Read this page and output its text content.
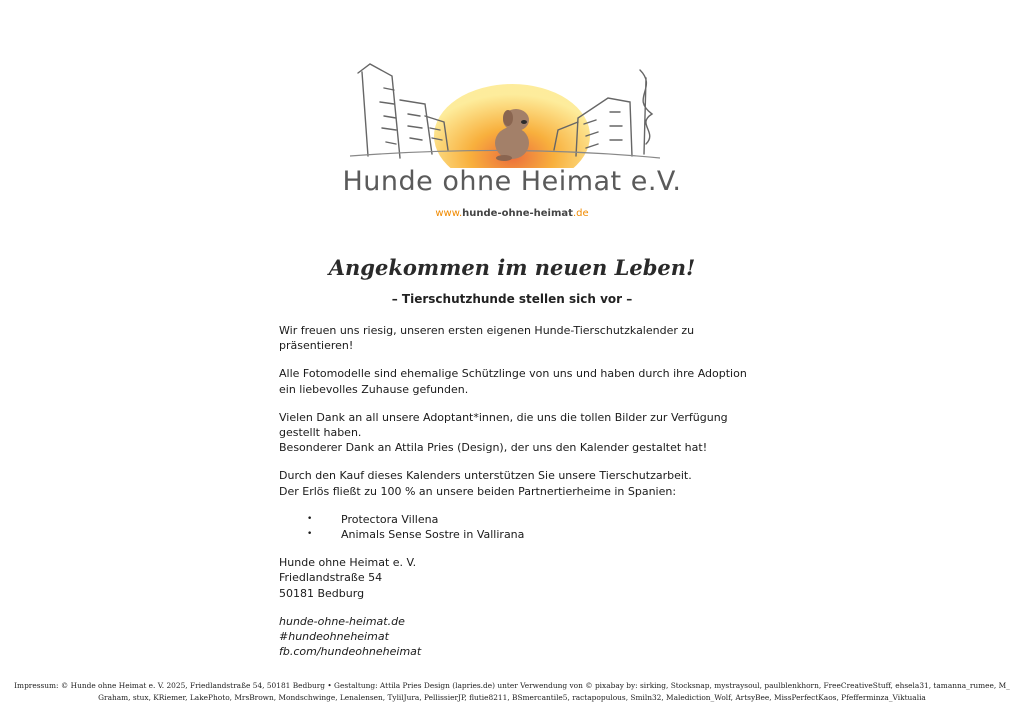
Hunde ohne Heimat e.V.
www.hunde-ohne-heimat.de
Angekommen im neuen Leben!
– Tierschutzhunde stellen sich vor –

Wir freuen uns riesig, unseren ersten eigenen Hunde-Tierschutzkalender zu präsentieren!

Alle Fotomodelle sind ehemalige Schützlinge von uns und haben durch ihre Adoption ein liebevolles Zuhause gefunden.

Vielen Dank an all unsere Adoptant*innen, die uns die tollen Bilder zur Verfügung gestellt haben.
Besonderer Dank an Attila Pries (Design), der uns den Kalender gestaltet hat!

Durch den Kauf dieses Kalenders unterstützen Sie unsere Tierschutzarbeit.
Der Erlös fließt zu 100 % an unsere beiden Partnertierheime in Spanien:

• Protectora Villena
• Animals Sense Sostre in Vallirana

Hunde ohne Heimat e. V.
Friedlandstraße 54
50181 Bedburg

hunde-ohne-heimat.de
#hundeohneheimat
fb.com/hundeohneheimat

Impressum: © Hunde ohne Heimat e. V. 2025, Friedlandstraße 54, 50181 Bedburg • Gestaltung: Attila Pries Design (lapries.de) unter Verwendung von © pixabay by: sirking, Stocksnap, mystraysoul, paulblenkhorn, FreeCreativeStuff, ehsela31, tamanna_rumee, M_
Graham, stux, KRiemer, LakePhoto, MrsBrown, Mondschwinge, Lenalensen, TylilJura, PellissierJP, flutie8211, BSmercantile5, ractapopulous, Smiln32, Malediction_Wolf, ArtsyBee, MissPerfectKaos, Pfefferminza_Viktualia
